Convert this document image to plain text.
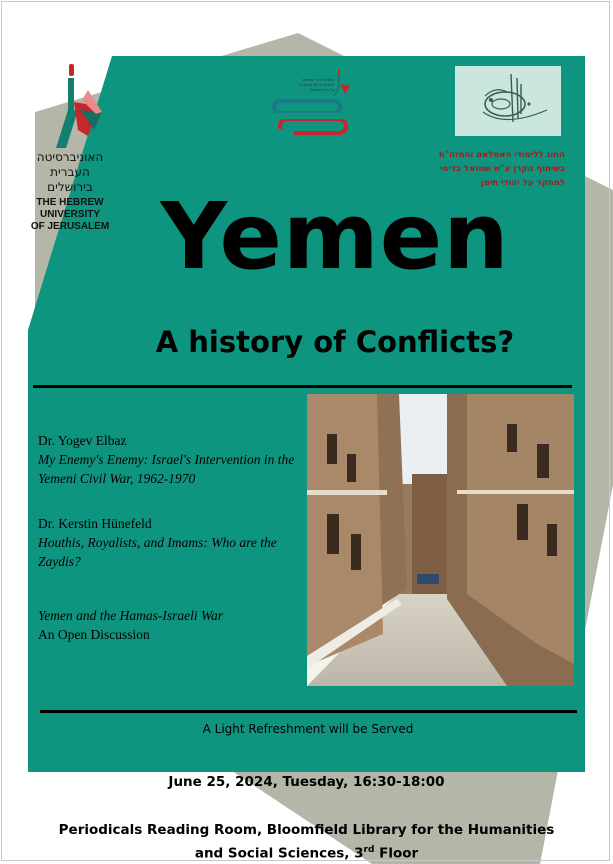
האוניברסיטה
העברית
בירושלים
THE HEBREW
UNIVERSITY
OF JERUSALEM
ספריות הר הצופים
למדעי הרוח והחברה
ע״ש בלומפילד
החוג ללימודי האסלאם והמזה"ת
בשיתוף הקרן ע"ש שמואל בדיחי
למחקר על יהודי תימן
Yemen
A history of Conflicts?
Dr. Yogev Elbaz
My Enemy's Enemy: Israel's Intervention in the Yemeni Civil War, 1962-1970
Dr. Kerstin Hünefeld
Houthis, Royalists, and Imams: Who are the Zaydis?
Yemen and the Hamas-Israeli War
An Open Discussion
A Light Refreshment will be Served
June 25, 2024, Tuesday, 16:30-18:00
Periodicals Reading Room, Bloomfield Library for the Humanities
and Social Sciences, 3rd Floor
